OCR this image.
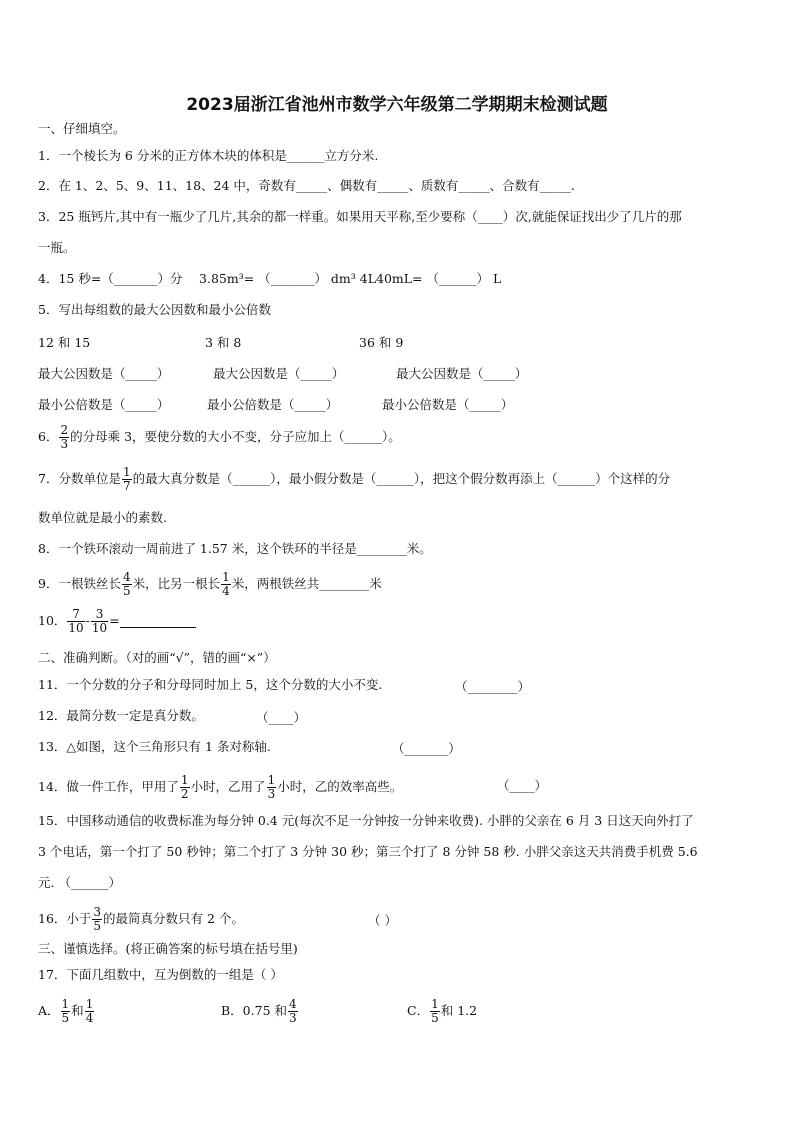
2023届浙江省池州市数学六年级第二学期期末检测试题
一、仔细填空。
1．一个棱长为 6 分米的正方体木块的体积是______立方分米.
2．在 1、2、5、9、11、18、24 中，奇数有_____、偶数有_____、质数有_____、合数有_____.
3．25 瓶钙片,其中有一瓶少了几片,其余的都一样重。如果用天平称,至少要称（____）次,就能保证找出少了几片的那
一瓶。
4．15 秒=（_______）分　 3.85m³= （_______） dm³ 4L40mL= （______） L
5．写出每组数的最大公因数和最小公倍数
12 和 15	3 和 8	36 和 9
最大公因数是（_____）	最大公因数是（_____）	最大公因数是（_____）
最小公倍数是（_____）	最小公倍数是（_____）	最小公倍数是（_____）
6． $\frac{2}{3}$ 的分母乘 3，要使分数的大小不变，分子应加上（______）。
7．分数单位是 $\frac{1}{7}$ 的最大真分数是（______），最小假分数是（______），把这个假分数再添上（______）个这样的分
数单位就是最小的素数.
8．一个铁环滚动一周前进了 1.57 米，这个铁环的半径是________米。
9．一根铁丝长 $\frac{4}{5}$ 米，比另一根长 $\frac{1}{4}$ 米，两根铁丝共________米
10． $\frac{7}{10} - \frac{3}{10}$ =
二、准确判断。（对的画“√”，错的画“×”）
11．一个分数的分子和分母同时加上 5，这个分数的大小不变.	（________）
12．最简分数一定是真分数。	（____）
13．△如图，这个三角形只有 1 条对称轴.	（_______）
14．做一件工作，甲用了 $\frac{1}{2}$ 小时，乙用了 $\frac{1}{3}$ 小时，乙的效率高些。	（____）
15．中国移动通信的收费标准为每分钟 0.4 元(每次不足一分钟按一分钟来收费). 小胖的父亲在 6 月 3 日这天向外打了
3 个电话，第一个打了 50 秒钟；第二个打了 3 分钟 30 秒；第三个打了 8 分钟 58 秒. 小胖父亲这天共消费手机费 5.6
元. （______）
16．小于 $\frac{3}{5}$ 的最简真分数只有 2 个。	（ ）
三、谨慎选择。(将正确答案的标号填在括号里)
17．下面几组数中，互为倒数的一组是（ ）
A． $\frac{1}{5}$ 和 $\frac{1}{4}$	B．0.75 和 $\frac{4}{3}$	C． $\frac{1}{5}$ 和 1.2
